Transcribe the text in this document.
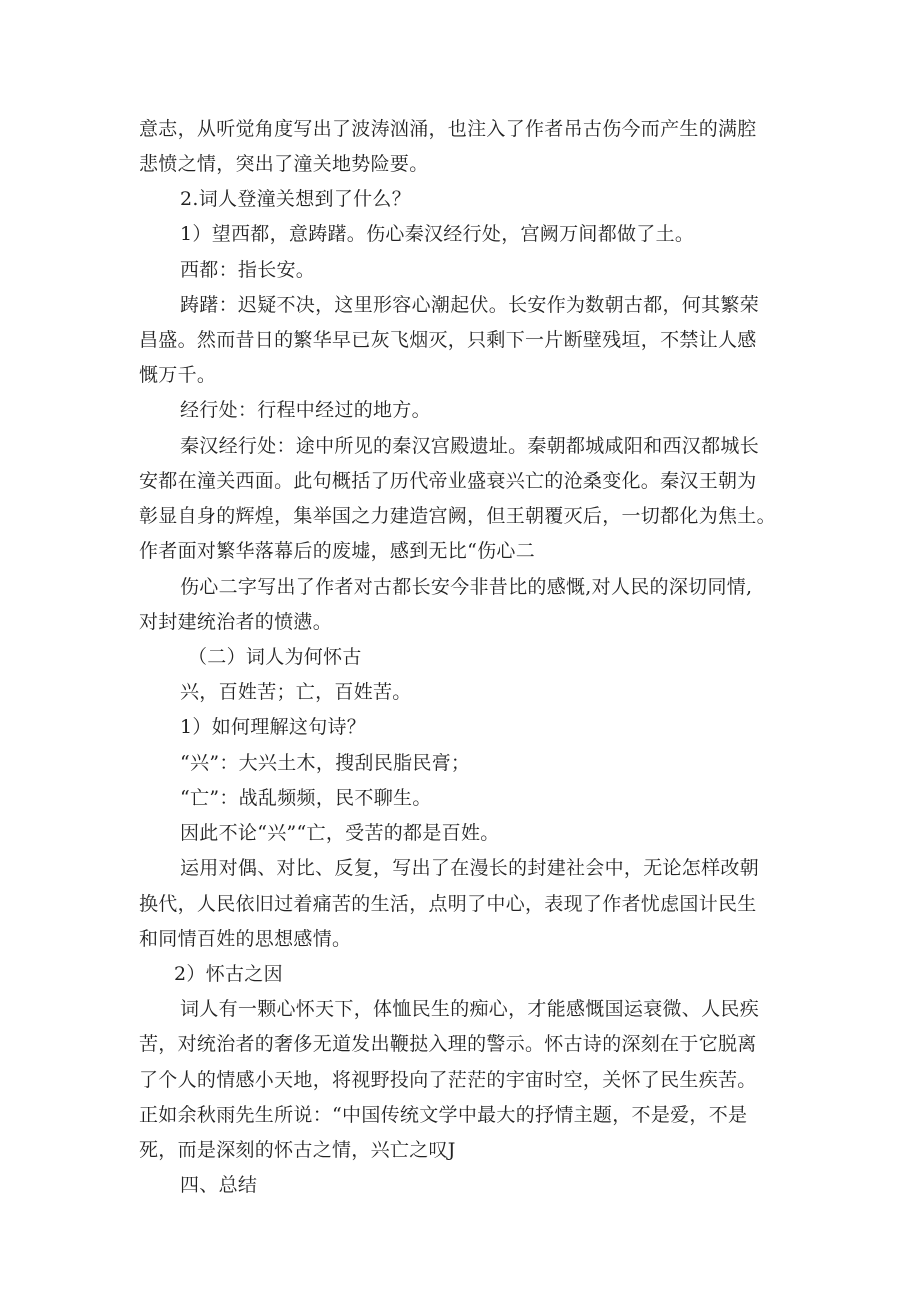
意志，从听觉角度写出了波涛汹涌，也注入了作者吊古伤今而产生的满腔
悲愤之情，突出了潼关地势险要。
2.词人登潼关想到了什么？
1）望西都，意踌躇。伤心秦汉经行处，宫阙万间都做了土。
西都：指长安。
踌躇：迟疑不决，这里形容心潮起伏。长安作为数朝古都，何其繁荣
昌盛。然而昔日的繁华早已灰飞烟灭，只剩下一片断壁残垣，不禁让人感
慨万千。
经行处：行程中经过的地方。
秦汉经行处：途中所见的秦汉宫殿遗址。秦朝都城咸阳和西汉都城长
安都在潼关西面。此句概括了历代帝业盛衰兴亡的沧桑变化。秦汉王朝为
彰显自身的辉煌，集举国之力建造宫阙，但王朝覆灭后，一切都化为焦土。
作者面对繁华落幕后的废墟，感到无比“伤心二
伤心二字写出了作者对古都长安今非昔比的感慨,对人民的深切同情,
对封建统治者的愤懑。
（二）词人为何怀古
兴，百姓苦；亡，百姓苦。
1）如何理解这句诗？
“兴”：大兴土木，搜刮民脂民膏；
“亡”：战乱频频，民不聊生。
因此不论“兴”“亡，受苦的都是百姓。
运用对偶、对比、反复，写出了在漫长的封建社会中，无论怎样改朝
换代，人民依旧过着痛苦的生活，点明了中心，表现了作者忧虑国计民生
和同情百姓的思想感情。
2）怀古之因
词人有一颗心怀天下，体恤民生的痴心，才能感慨国运衰微、人民疾
苦，对统治者的奢侈无道发出鞭挞入理的警示。怀古诗的深刻在于它脱离
了个人的情感小天地，将视野投向了茫茫的宇宙时空，关怀了民生疾苦。
正如余秋雨先生所说：“中国传统文学中最大的抒情主题，不是爱，不是
死，而是深刻的怀古之情，兴亡之叹J
四、总结
